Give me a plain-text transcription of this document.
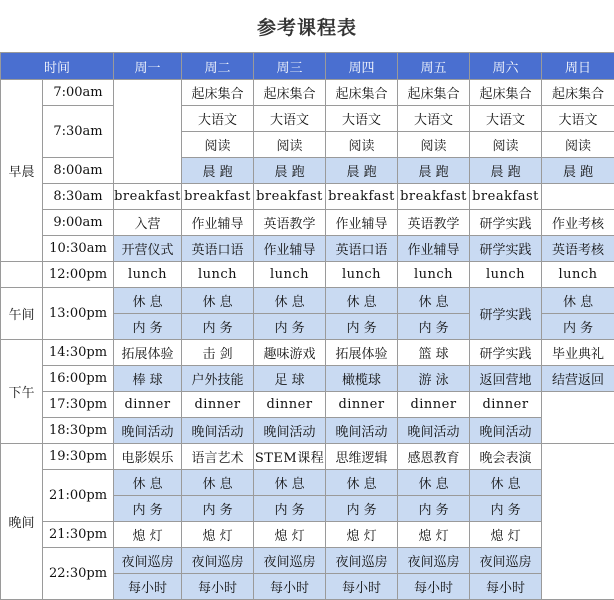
参考课程表
时间		周一	周二	周三	周四	周五	周六	周日
早晨	7:00am		起床集合	起床集合	起床集合	起床集合	起床集合	起床集合
	7:30am		大语文	大语文	大语文	大语文	大语文	大语文
			阅读	阅读	阅读	阅读	阅读	阅读
	8:00am		晨 跑	晨 跑	晨 跑	晨 跑	晨 跑	晨 跑
	8:30am	breakfast	breakfast	breakfast	breakfast	breakfast	breakfast	
	9:00am	入营	作业辅导	英语教学	作业辅导	英语教学	研学实践	作业考核
	10:30am	开营仪式	英语口语	作业辅导	英语口语	作业辅导	研学实践	英语考核
	12:00pm	lunch	lunch	lunch	lunch	lunch	lunch	lunch
午间	13:00pm	休 息	休 息	休 息	休 息	休 息	研学实践	休 息
		内 务	内 务	内 务	内 务	内 务		内 务
下午	14:30pm	拓展体验	击 剑	趣味游戏	拓展体验	篮 球	研学实践	毕业典礼
	16:00pm	棒 球	户外技能	足 球	橄榄球	游 泳	返回营地	结营返回
	17:30pm	dinner	dinner	dinner	dinner	dinner	dinner	
	18:30pm	晚间活动	晚间活动	晚间活动	晚间活动	晚间活动	晚间活动	
晚间	19:30pm	电影娱乐	语言艺术	STEM课程	思维逻辑	感恩教育	晚会表演	
	21:00pm	休 息	休 息	休 息	休 息	休 息	休 息	
		内 务	内 务	内 务	内 务	内 务	内 务	
	21:30pm	熄 灯	熄 灯	熄 灯	熄 灯	熄 灯	熄 灯	
	22:30pm	夜间巡房	夜间巡房	夜间巡房	夜间巡房	夜间巡房	夜间巡房	
		每小时	每小时	每小时	每小时	每小时	每小时	
